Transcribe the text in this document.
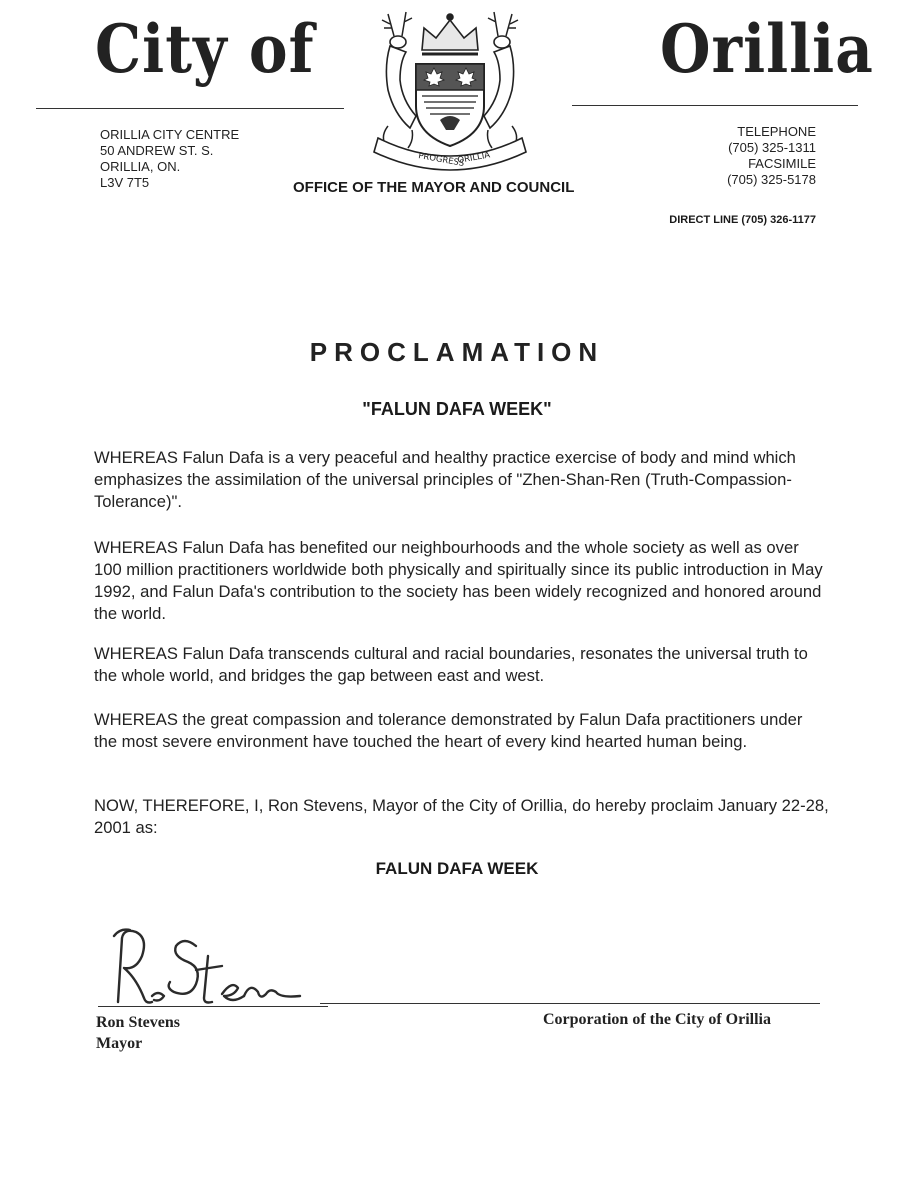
City of	Orillia
ORILLIA CITY CENTRE
50 ANDREW ST. S.
ORILLIA, ON.
L3V 7T5
TELEPHONE
(705) 325-1311
FACSIMILE
(705) 325-5178
DIRECT LINE (705) 326-1177
PROGRESS
ORILLIA
OFFICE OF THE MAYOR AND COUNCIL
PROCLAMATION
"FALUN DAFA WEEK"
WHEREAS Falun Dafa is a very peaceful and healthy practice exercise of body and mind which emphasizes the assimilation of the universal principles of "Zhen-Shan-Ren (Truth-Compassion-Tolerance)".
WHEREAS Falun Dafa has benefited our neighbourhoods and the whole society as well as over 100 million practitioners worldwide both physically and spiritually since its public introduction in May 1992, and Falun Dafa's contribution to the society has been widely recognized and honored around the world.
WHEREAS Falun Dafa transcends cultural and racial boundaries, resonates the universal truth to the whole world, and bridges the gap between east and west.
WHEREAS the great compassion and tolerance demonstrated by Falun Dafa practitioners under the most severe environment have touched the heart of every kind hearted human being.
NOW, THEREFORE, I, Ron Stevens, Mayor of the City of Orillia, do hereby proclaim January 22-28, 2001 as:
FALUN DAFA WEEK
Ron Stevens
Mayor
Corporation of the City of Orillia
